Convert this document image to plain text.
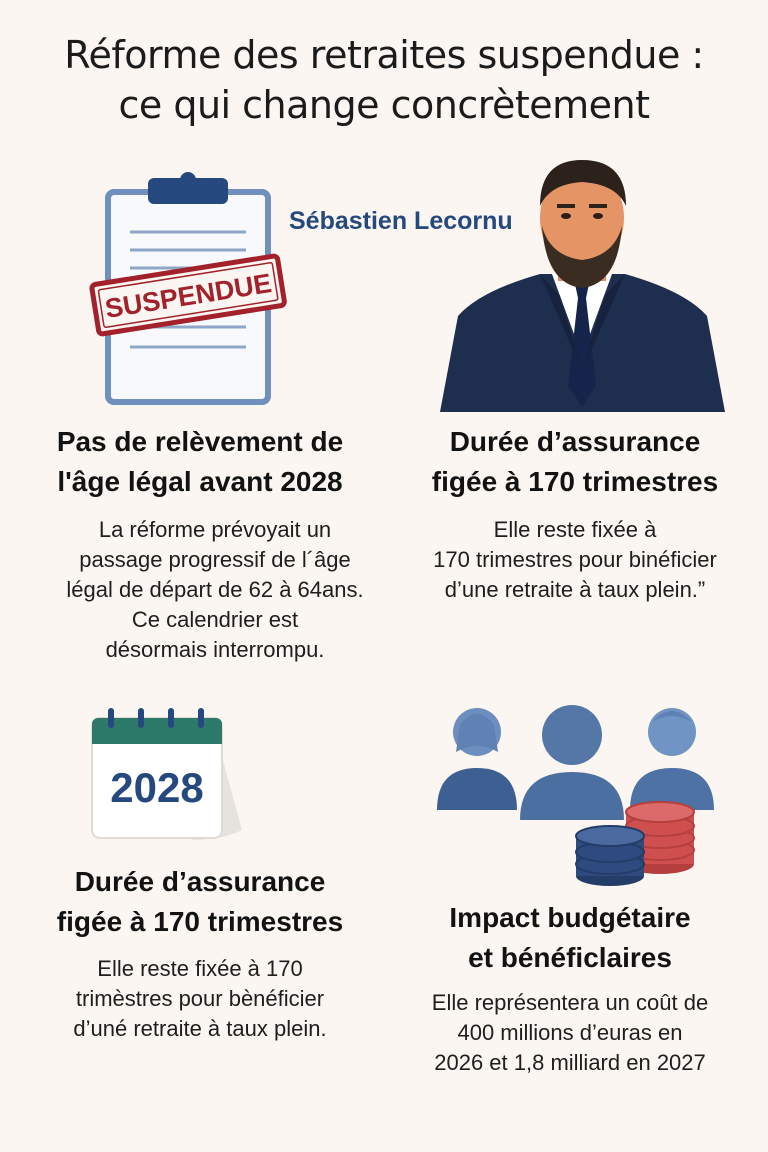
Réforme des retraites suspendue :
ce qui change concrètement
SUSPENDUE
Sébastien Lecornu
Pas de relèvement de
l'âge légal avant 2028
La réforme prévoyait un
passage progressif de l´âge
légal de départ de 62 à 64ans.
Ce calendrier est
désormais interrompu.
Durée d’assurance
figée à 170 trimestres
Elle reste fixée à
170 trimestres pour binéficier
d’une retraite à taux plein.”
2028
Durée d’assurance
figée à 170 trimestres
Elle reste fixée à 170
trimèstres pour bènéficier
d’uné retraite à taux plein.
Impact budgétaire
et bénéficlaires
Elle représentera un coût de
400 millions d’euras en
2026 et 1,8 milliard en 2027
